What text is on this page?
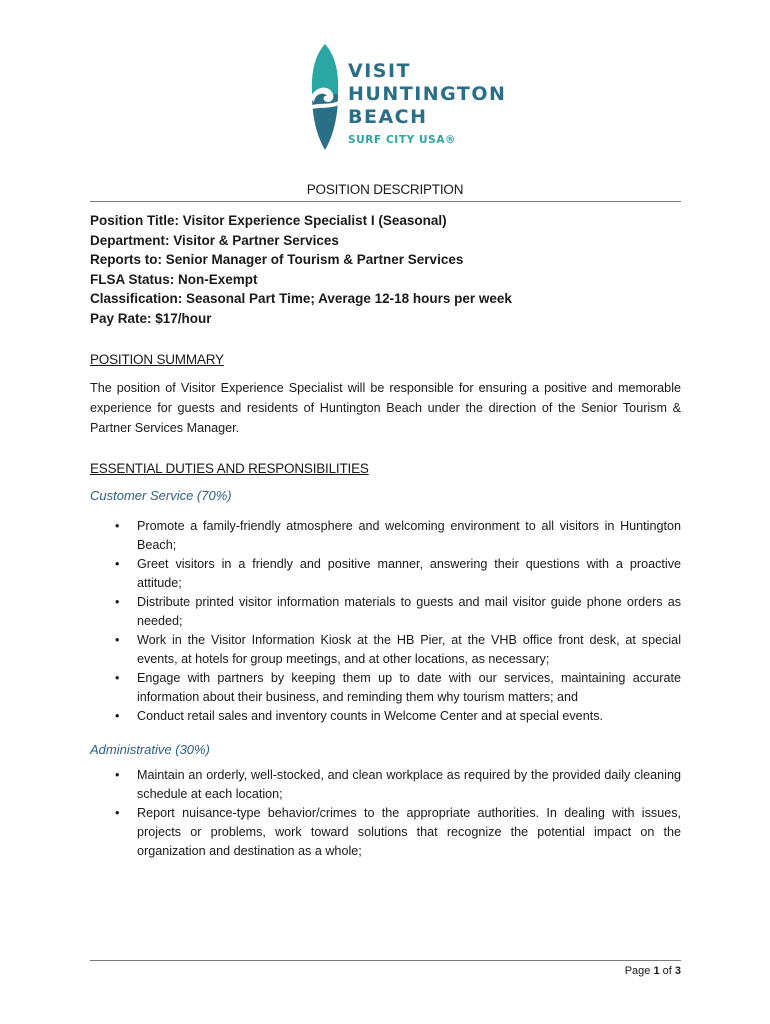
VISIT
HUNTINGTON
BEACH
SURF CITY USA®
POSITION DESCRIPTION
Position Title: Visitor Experience Specialist I (Seasonal)
Department: Visitor & Partner Services
Reports to: Senior Manager of Tourism & Partner Services
FLSA Status: Non-Exempt
Classification: Seasonal Part Time; Average 12-18 hours per week
Pay Rate: $17/hour
POSITION SUMMARY
The position of Visitor Experience Specialist will be responsible for ensuring a positive and memorable experience for guests and residents of Huntington Beach under the direction of the Senior Tourism & Partner Services Manager.
ESSENTIAL DUTIES AND RESPONSIBILITIES
Customer Service (70%)
• Promote a family-friendly atmosphere and welcoming environment to all visitors in Huntington Beach;
• Greet visitors in a friendly and positive manner, answering their questions with a proactive attitude;
• Distribute printed visitor information materials to guests and mail visitor guide phone orders as needed;
• Work in the Visitor Information Kiosk at the HB Pier, at the VHB office front desk, at special events, at hotels for group meetings, and at other locations, as necessary;
• Engage with partners by keeping them up to date with our services, maintaining accurate information about their business, and reminding them why tourism matters; and
• Conduct retail sales and inventory counts in Welcome Center and at special events.
Administrative (30%)
• Maintain an orderly, well-stocked, and clean workplace as required by the provided daily cleaning schedule at each location;
• Report nuisance-type behavior/crimes to the appropriate authorities. In dealing with issues, projects or problems, work toward solutions that recognize the potential impact on the organization and destination as a whole;
Page 1 of 3
